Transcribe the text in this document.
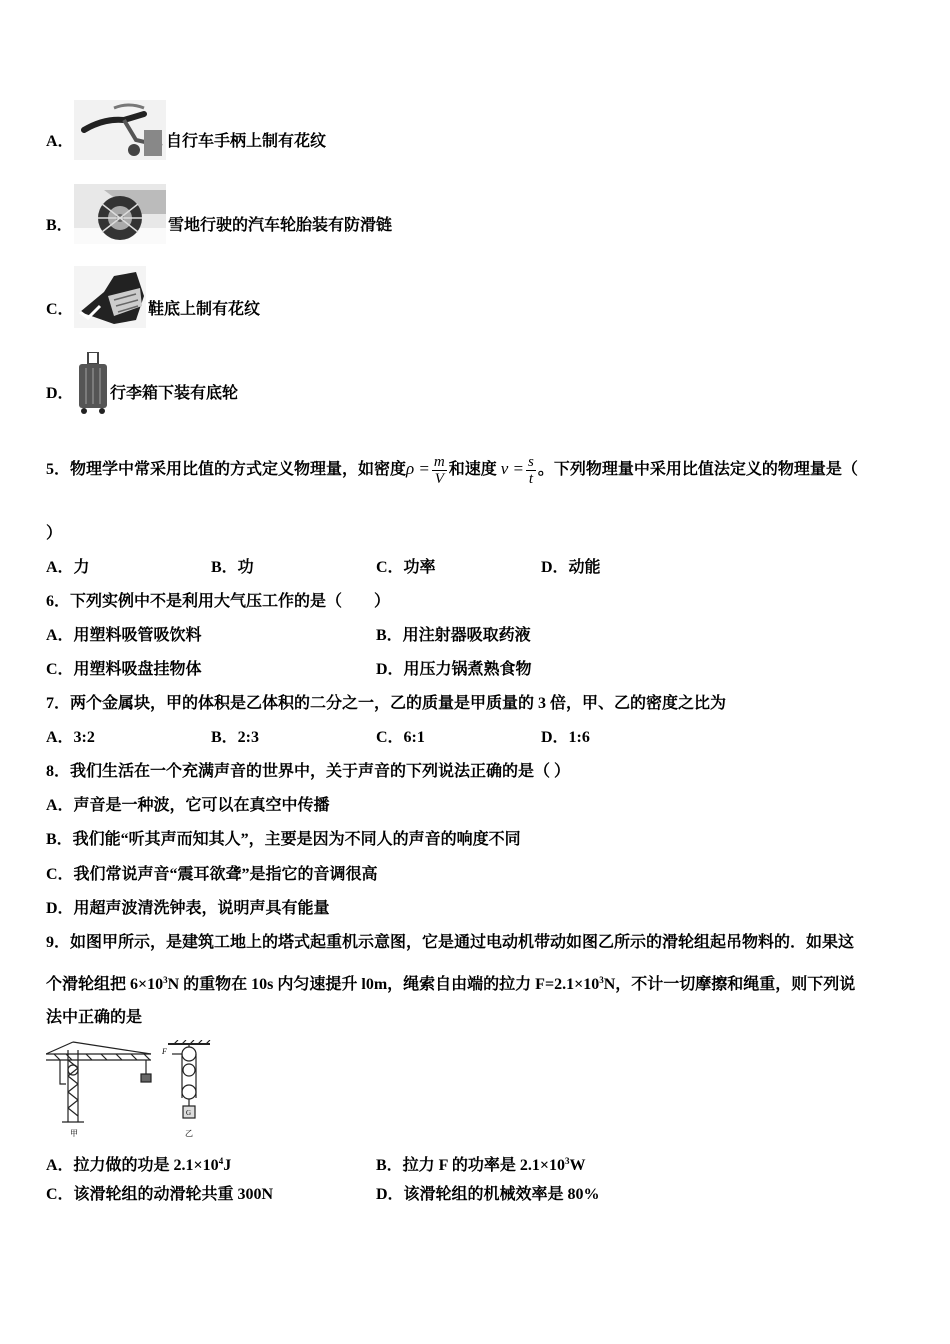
A．	自行车手柄上制有花纹
B．	雪地行驶的汽车轮胎装有防滑链
C．	鞋底上制有花纹
D． 行李箱下装有底轮
5．物理学中常采用比值的方式定义物理量，如密度$\rho = \frac{m}{V}$ 和速度 $v = \frac{s}{t}$ 。下列物理量中采用比值法定义的物理量是（
）
A．力	B．功	C．功率	D．动能
6．下列实例中不是利用大气压工作的是（　　）
A．用塑料吸管吸饮料	B．用注射器吸取药液
C．用塑料吸盘挂物体	D．用压力锅煮熟食物
7．两个金属块，甲的体积是乙体积的二分之一，乙的质量是甲质量的 3 倍，甲、乙的密度之比为
A．3:2	B．2:3	C．6:1	D．1:6
8．我们生活在一个充满声音的世界中，关于声音的下列说法正确的是（ ）
A．声音是一种波，它可以在真空中传播
B．我们能“听其声而知其人”，主要是因为不同人的声音的响度不同
C．我们常说声音“震耳欲聋”是指它的音调很高
D．用超声波清洗钟表，说明声具有能量
9．如图甲所示，是建筑工地上的塔式起重机示意图，它是通过电动机带动如图乙所示的滑轮组起吊物料的．如果这
个滑轮组把 $6\times 10^3N$ 的重物在 10s 内匀速提升 l0m，绳索自由端的拉力 $F=2.1\times 10^3N$，不计一切摩擦和绳重，则下列说
法中正确的是
甲
F
G
乙
A．拉力做的功是 $2.1\times 10^4J$	B．拉力 F 的功率是 $2.1\times 10^3W$
C．该滑轮组的动滑轮共重 300N	D．该滑轮组的机械效率是 80%
